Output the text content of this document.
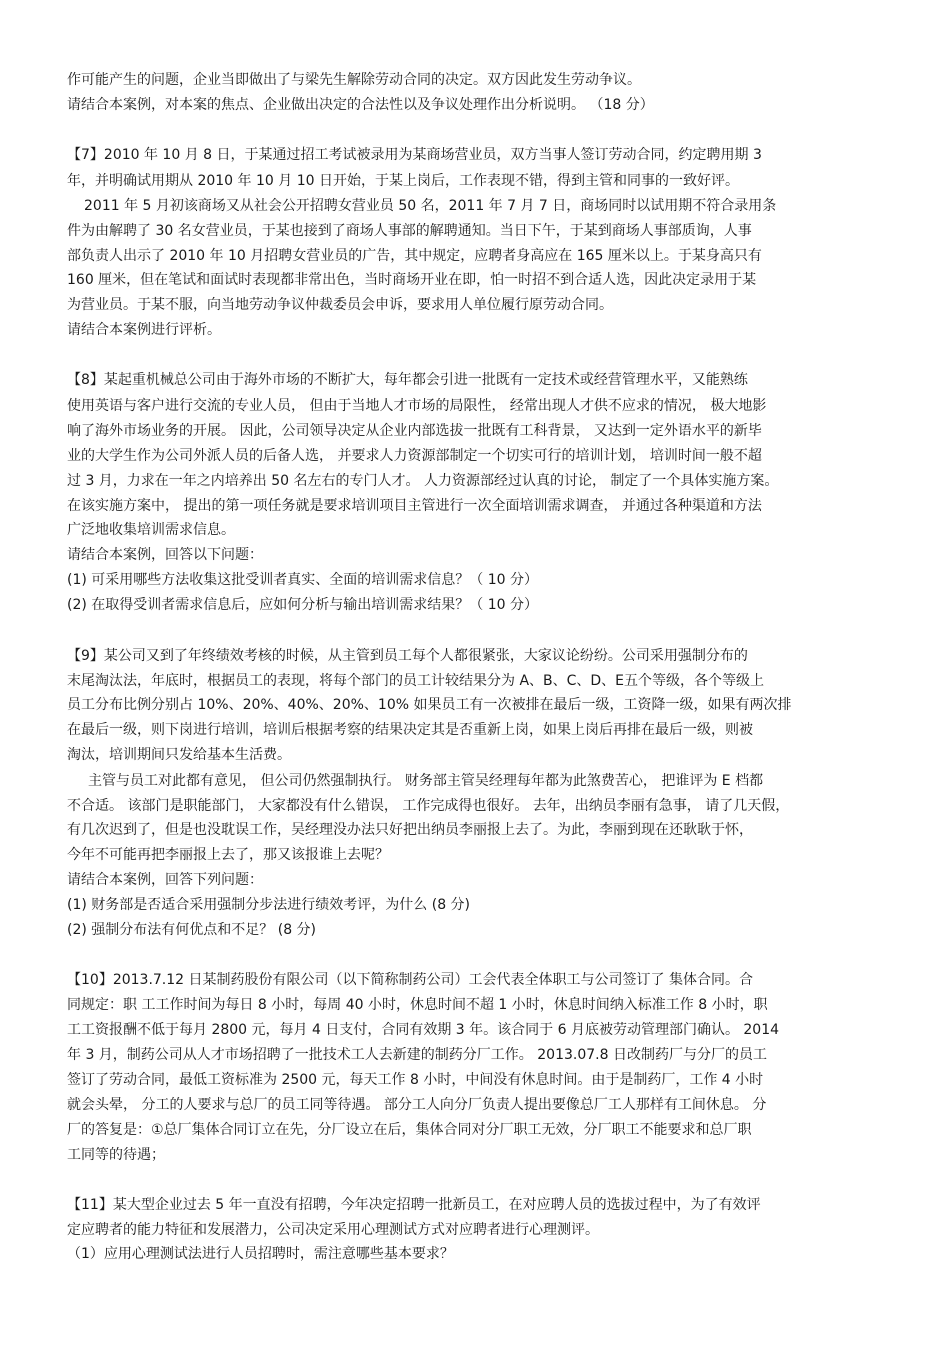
作可能产生的问题，企业当即做出了与梁先生解除劳动合同的决定。双方因此发生劳动争议。
请结合本案例，对本案的焦点、企业做出决定的合法性以及争议处理作出分析说明。 （18 分）
【7】2010 年 10 月 8 日，于某通过招工考试被录用为某商场营业员，双方当事人签订劳动合同，约定聘用期 3
年，并明确试用期从 2010 年 10 月 10 日开始，于某上岗后，工作表现不错，得到主管和同事的一致好评。
2011 年 5 月初该商场又从社会公开招聘女营业员 50 名，2011 年 7 月 7 日，商场同时以试用期不符合录用条
件为由解聘了 30 名女营业员，于某也接到了商场人事部的解聘通知。当日下午，于某到商场人事部质询，人事
部负责人出示了 2010 年 10 月招聘女营业员的广告，其中规定，应聘者身高应在 165 厘米以上。于某身高只有
160 厘米，但在笔试和面试时表现都非常出色，当时商场开业在即，怕一时招不到合适人选，因此决定录用于某
为营业员。于某不服，向当地劳动争议仲裁委员会申诉，要求用人单位履行原劳动合同。
请结合本案例进行评析。
【8】某起重机械总公司由于海外市场的不断扩大，每年都会引进一批既有一定技术或经营管理水平，又能熟练
使用英语与客户进行交流的专业人员， 但由于当地人才市场的局限性， 经常出现人才供不应求的情况， 极大地影
响了海外市场业务的开展。 因此，公司领导决定从企业内部选拔一批既有工科背景， 又达到一定外语水平的新毕
业的大学生作为公司外派人员的后备人选， 并要求人力资源部制定一个切实可行的培训计划， 培训时间一般不超
过 3 月，力求在一年之内培养出 50 名左右的专门人才。 人力资源部经过认真的讨论， 制定了一个具体实施方案。
在该实施方案中， 提出的第一项任务就是要求培训项目主管进行一次全面培训需求调查， 并通过各种渠道和方法
广泛地收集培训需求信息。
请结合本案例，回答以下问题：
(1) 可采用哪些方法收集这批受训者真实、全面的培训需求信息？（ 10 分）
(2) 在取得受训者需求信息后，应如何分析与输出培训需求结果？（ 10 分）
【9】某公司又到了年终绩效考核的时候，从主管到员工每个人都很紧张，大家议论纷纷。公司采用强制分布的
末尾淘汰法，年底时，根据员工的表现，将每个部门的员工计较结果分为 A、B、C、D、E五个等级，各个等级上
员工分布比例分别占 10%、20%、40%、20%、10% 如果员工有一次被排在最后一级，工资降一级，如果有两次排
在最后一级，则下岗进行培训，培训后根据考察的结果决定其是否重新上岗，如果上岗后再排在最后一级，则被
淘汰，培训期间只发给基本生活费。
主管与员工对此都有意见， 但公司仍然强制执行。 财务部主管吴经理每年都为此煞费苦心， 把谁评为 E 档都
不合适。 该部门是职能部门， 大家都没有什么错误， 工作完成得也很好。 去年，出纳员李丽有急事， 请了几天假，
有几次迟到了，但是也没耽误工作，吴经理没办法只好把出纳员李丽报上去了。为此，李丽到现在还耿耿于怀，
今年不可能再把李丽报上去了，那又该报谁上去呢？
请结合本案例，回答下列问题：
(1) 财务部是否适合采用强制分步法进行绩效考评，为什么 (8 分)
(2) 强制分布法有何优点和不足？ (8 分)
【10】2013.7.12 日某制药股份有限公司（以下简称制药公司）工会代表全体职工与公司签订了 集体合同。合
同规定：职 工工作时间为每日 8 小时，每周 40 小时，休息时间不超 1 小时，休息时间纳入标准工作 8 小时，职
工工资报酬不低于每月 2800 元，每月 4 日支付，合同有效期 3 年。该合同于 6 月底被劳动管理部门确认。 2014
年 3 月，制药公司从人才市场招聘了一批技术工人去新建的制药分厂工作。 2013.07.8 日改制药厂与分厂的员工
签订了劳动合同，最低工资标准为 2500 元，每天工作 8 小时，中间没有休息时间。由于是制药厂，工作 4 小时
就会头晕， 分工的人要求与总厂的员工同等待遇。 部分工人向分厂负责人提出要像总厂工人那样有工间休息。 分
厂的答复是：①总厂集体合同订立在先，分厂设立在后，集体合同对分厂职工无效，分厂职工不能要求和总厂职
工同等的待遇；
【11】某大型企业过去 5 年一直没有招聘，今年决定招聘一批新员工，在对应聘人员的选拔过程中，为了有效评
定应聘者的能力特征和发展潜力，公司决定采用心理测试方式对应聘者进行心理测评。
（1）应用心理测试法进行人员招聘时，需注意哪些基本要求？
